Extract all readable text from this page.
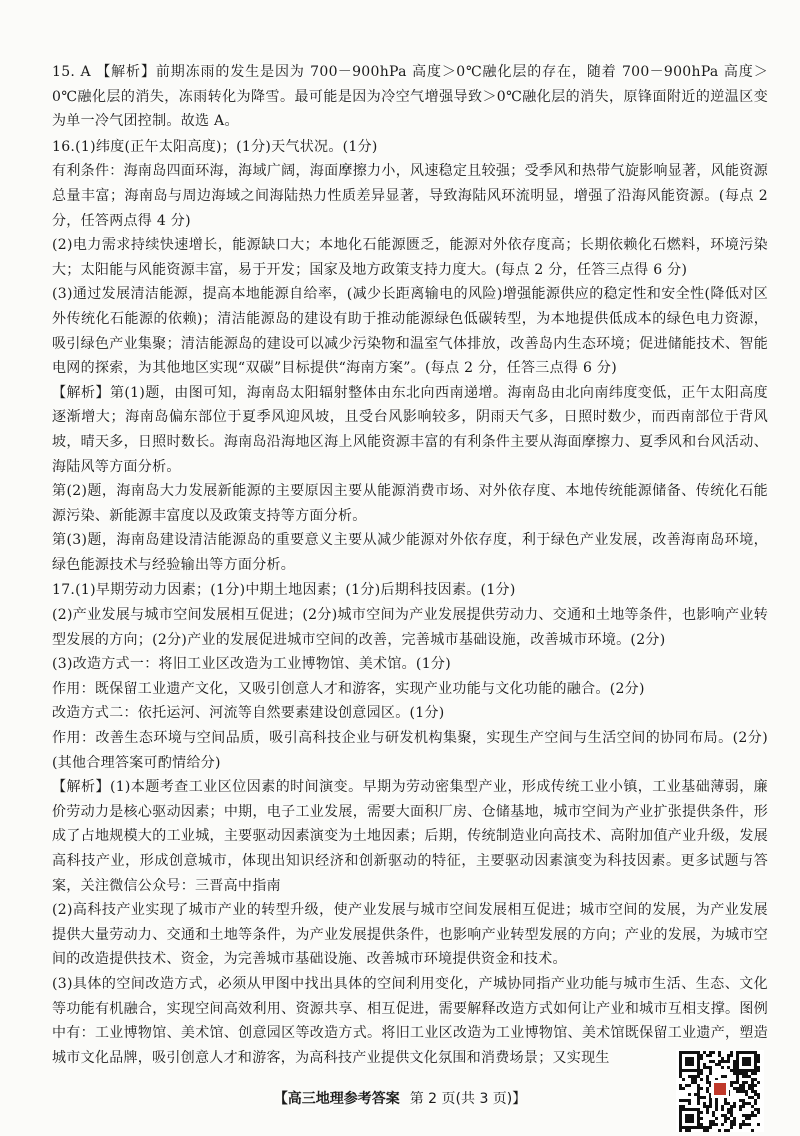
15. A 【解析】前期冻雨的发生是因为 700－900hPa 高度＞0℃融化层的存在，随着 700－900hPa 高度＞0℃融化层的消失，冻雨转化为降雪。最可能是因为冷空气增强导致＞0℃融化层的消失，原锋面附近的逆温区变为单一冷气团控制。故选 A。

16.(1)纬度(正午太阳高度)；(1分)天气状况。(1分)

有利条件：海南岛四面环海，海域广阔，海面摩擦力小，风速稳定且较强；受季风和热带气旋影响显著，风能资源总量丰富；海南岛与周边海域之间海陆热力性质差异显著，导致海陆风环流明显，增强了沿海风能资源。(每点 2 分，任答两点得 4 分)

(2)电力需求持续快速增长，能源缺口大；本地化石能源匮乏，能源对外依存度高；长期依赖化石燃料，环境污染大；太阳能与风能资源丰富，易于开发；国家及地方政策支持力度大。(每点 2 分，任答三点得 6 分)

(3)通过发展清洁能源，提高本地能源自给率，(减少长距离输电的风险)增强能源供应的稳定性和安全性(降低对区外传统化石能源的依赖)；清洁能源岛的建设有助于推动能源绿色低碳转型，为本地提供低成本的绿色电力资源，吸引绿色产业集聚；清洁能源岛的建设可以减少污染物和温室气体排放，改善岛内生态环境；促进储能技术、智能电网的探索，为其他地区实现“双碳”目标提供“海南方案”。(每点 2 分，任答三点得 6 分)

【解析】第(1)题，由图可知，海南岛太阳辐射整体由东北向西南递增。海南岛由北向南纬度变低，正午太阳高度逐渐增大；海南岛偏东部位于夏季风迎风坡，且受台风影响较多，阴雨天气多，日照时数少，而西南部位于背风坡，晴天多，日照时数长。海南岛沿海地区海上风能资源丰富的有利条件主要从海面摩擦力、夏季风和台风活动、海陆风等方面分析。

第(2)题，海南岛大力发展新能源的主要原因主要从能源消费市场、对外依存度、本地传统能源储备、传统化石能源污染、新能源丰富度以及政策支持等方面分析。

第(3)题，海南岛建设清洁能源岛的重要意义主要从减少能源对外依存度，利于绿色产业发展，改善海南岛环境，绿色能源技术与经验输出等方面分析。

17.(1)早期劳动力因素；(1分)中期土地因素；(1分)后期科技因素。(1分)

(2)产业发展与城市空间发展相互促进；(2分)城市空间为产业发展提供劳动力、交通和土地等条件，也影响产业转型发展的方向；(2分)产业的发展促进城市空间的改善，完善城市基础设施，改善城市环境。(2分)

(3)改造方式一：将旧工业区改造为工业博物馆、美术馆。(1分)

作用：既保留工业遗产文化，又吸引创意人才和游客，实现产业功能与文化功能的融合。(2分)

改造方式二：依托运河、河流等自然要素建设创意园区。(1分)

作用：改善生态环境与空间品质，吸引高科技企业与研发机构集聚，实现生产空间与生活空间的协同布局。(2分)(其他合理答案可酌情给分)

【解析】(1)本题考查工业区位因素的时间演变。早期为劳动密集型产业，形成传统工业小镇，工业基础薄弱，廉价劳动力是核心驱动因素；中期，电子工业发展，需要大面积厂房、仓储基地，城市空间为产业扩张提供条件，形成了占地规模大的工业城，主要驱动因素演变为土地因素；后期，传统制造业向高技术、高附加值产业升级，发展高科技产业，形成创意城市，体现出知识经济和创新驱动的特征，主要驱动因素演变为科技因素。更多试题与答案，关注微信公众号：三晋高中指南

(2)高科技产业实现了城市产业的转型升级，使产业发展与城市空间发展相互促进；城市空间的发展，为产业发展提供大量劳动力、交通和土地等条件，为产业发展提供条件，也影响产业转型发展的方向；产业的发展，为城市空间的改造提供技术、资金，为完善城市基础设施、改善城市环境提供资金和技术。

(3)具体的空间改造方式，必须从甲图中找出具体的空间利用变化，产城协同指产业功能与城市生活、生态、文化等功能有机融合，实现空间高效利用、资源共享、相互促进，需要解释改造方式如何让产业和城市互相支撑。图例中有：工业博物馆、美术馆、创意园区等改造方式。将旧工业区改造为工业博物馆、美术馆既保留工业遗产，塑造城市文化品牌，吸引创意人才和游客，为高科技产业提供文化氛围和消费场景；又实现生

【高三地理参考答案 第 2 页(共 3 页)】
